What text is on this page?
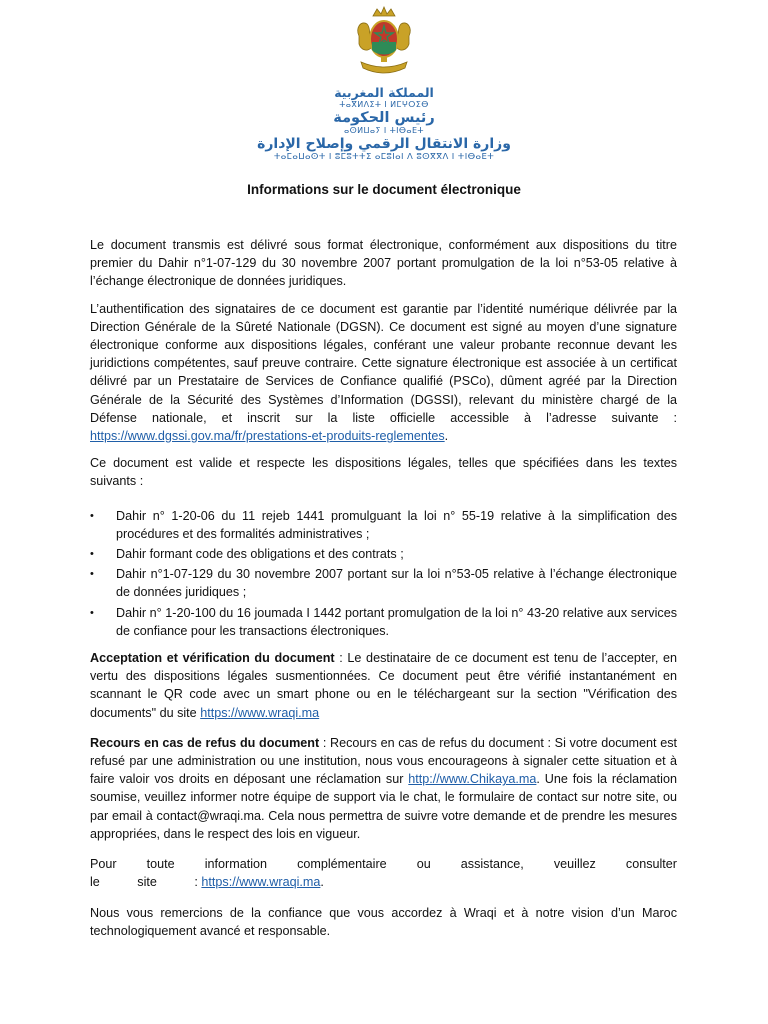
المملكة المغربية
ⵜⴰⴳⵍⴷⵉⵜ ⵏ ⵍⵎⵖⵔⵉⴱ
رئيس الحكومة
ⴰⵙⵍⵡⴰⵢ ⵏ ⵜⵏⴱⴰⴹⵜ
وزارة الانتقال الرقمي وإصلاح الإدارة
ⵜⴰⵎⴰⵡⴰⵙⵜ ⵏ ⵓⵎⵓⵜⵜⵉ ⴰⵎⵓⵏⴰⵏ ⴷ ⵓⵙⴳⴳⴷ ⵏ ⵜⵏⴱⴰⴹⵜ
Informations sur le document électronique

Le document transmis est délivré sous format électronique, conformément aux dispositions du titre premier du Dahir n°1-07-129 du 30 novembre 2007 portant promulgation de la loi n°53-05 relative à l’échange électronique de données juridiques.

L’authentification des signataires de ce document est garantie par l’identité numérique délivrée par la Direction Générale de la Sûreté Nationale (DGSN). Ce document est signé au moyen d’une signature électronique conforme aux dispositions légales, conférant une valeur probante reconnue devant les juridictions compétentes, sauf preuve contraire. Cette signature électronique est associée à un certificat délivré par un Prestataire de Services de Confiance qualifié (PSCo), dûment agréé par la Direction Générale de la Sécurité des Systèmes d’Information (DGSSI), relevant du ministère chargé de la Défense nationale, et inscrit sur la liste officielle accessible à l’adresse suivante : https://www.dgssi.gov.ma/fr/prestations-et-produits-reglementes.

Ce document est valide et respecte les dispositions légales, telles que spécifiées dans les textes suivants :

• Dahir n° 1-20-06 du 11 rejeb 1441 promulguant la loi n° 55-19 relative à la simplification des procédures et des formalités administratives ;
• Dahir formant code des obligations et des contrats ;
• Dahir n°1-07-129 du 30 novembre 2007 portant sur la loi n°53-05 relative à l’échange électronique de données juridiques ;
• Dahir n° 1-20-100 du 16 joumada I 1442 portant promulgation de la loi n° 43-20 relative aux services de confiance pour les transactions électroniques.

Acceptation et vérification du document : Le destinataire de ce document est tenu de l’accepter, en vertu des dispositions légales susmentionnées. Ce document peut être vérifié instantanément en scannant le QR code avec un smart phone ou en le téléchargeant sur la section "Vérification des documents" du site https://www.wraqi.ma

Recours en cas de refus du document : Recours en cas de refus du document : Si votre document est refusé par une administration ou une institution, nous vous encourageons à signaler cette situation et à faire valoir vos droits en déposant une réclamation sur http://www.Chikaya.ma. Une fois la réclamation soumise, veuillez informer notre équipe de support via le chat, le formulaire de contact sur notre site, ou par email à contact@wraqi.ma. Cela nous permettra de suivre votre demande et de prendre les mesures appropriées, dans le respect des lois en vigueur.

Pour toute information complémentaire ou assistance, veuillez consulter
le site : https://www.wraqi.ma.

Nous vous remercions de la confiance que vous accordez à Wraqi et à notre vision d’un Maroc technologiquement avancé et responsable.
